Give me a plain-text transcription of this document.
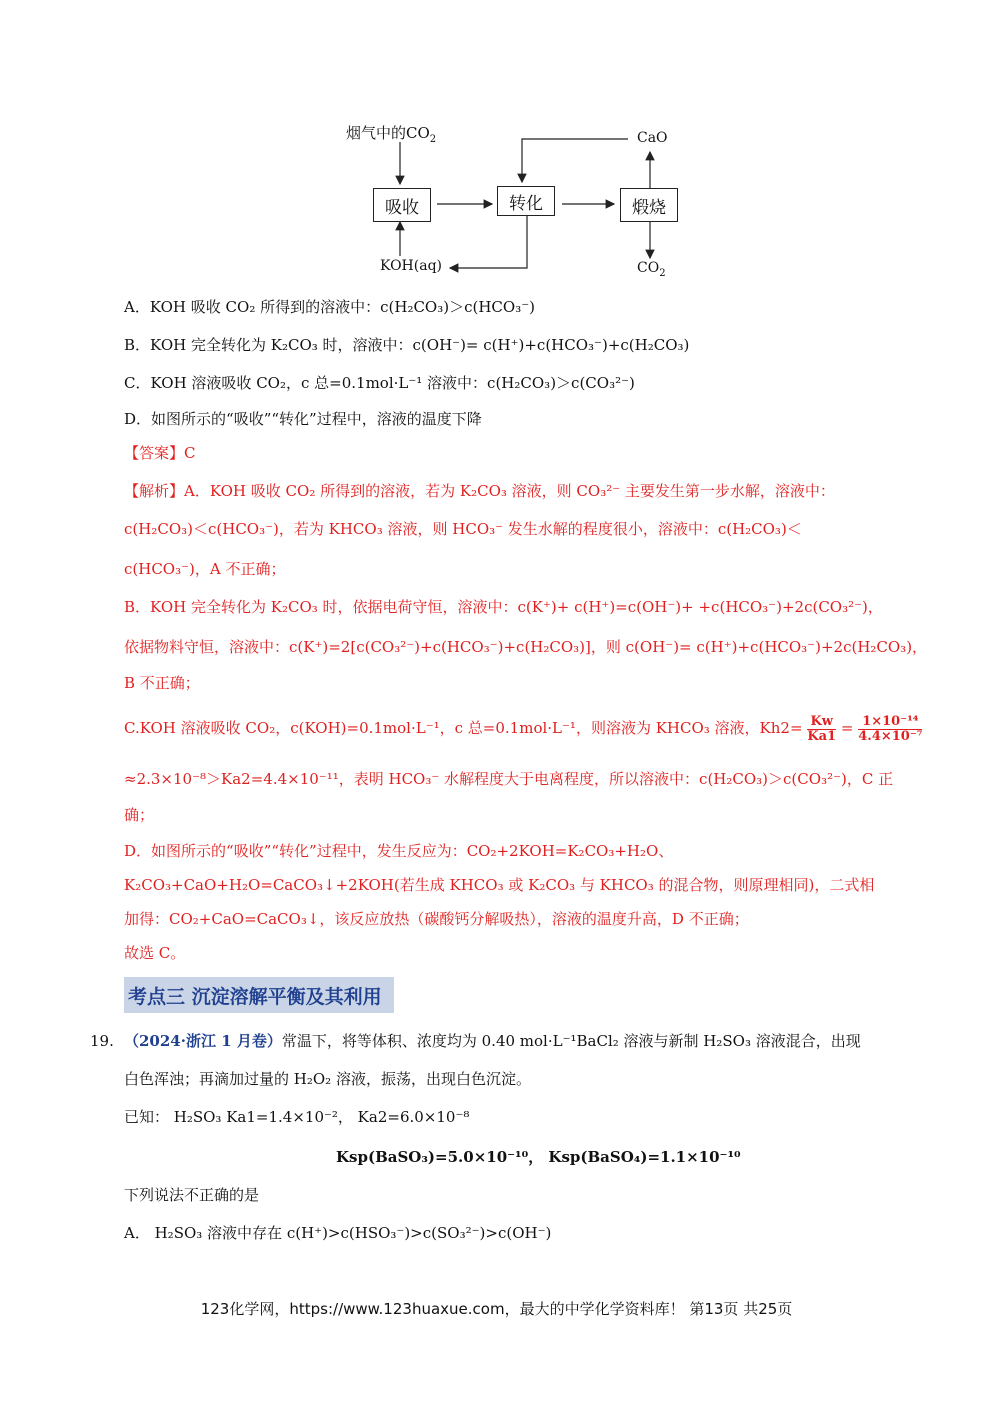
烟气中的$CO_2$
吸收	转化	煅烧
KOH(aq)
CaO
$CO_2$
A．KOH 吸收 CO₂ 所得到的溶液中：c(H₂CO₃)＞c(HCO₃⁻)
B．KOH 完全转化为 K₂CO₃ 时，溶液中：c(OH⁻)= c(H⁺)+c(HCO₃⁻)+c(H₂CO₃)
C．KOH 溶液吸收 CO₂，c 总=0.1mol·L⁻¹ 溶液中：c(H₂CO₃)＞c(CO₃²⁻)
D．如图所示的“吸收”“转化”过程中，溶液的温度下降
【答案】C
【解析】A．KOH 吸收 CO₂ 所得到的溶液，若为 K₂CO₃ 溶液，则 CO₃²⁻ 主要发生第一步水解，溶液中：
c(H₂CO₃)＜c(HCO₃⁻)，若为 KHCO₃ 溶液，则 HCO₃⁻ 发生水解的程度很小，溶液中：c(H₂CO₃)＜
c(HCO₃⁻)，A 不正确；
B．KOH 完全转化为 K₂CO₃ 时，依据电荷守恒，溶液中：c(K⁺)+ c(H⁺)=c(OH⁻)+ +c(HCO₃⁻)+2c(CO₃²⁻)，
依据物料守恒，溶液中：c(K⁺)=2[c(CO₃²⁻)+c(HCO₃⁻)+c(H₂CO₃)]，则 c(OH⁻)= c(H⁺)+c(HCO₃⁻)+2c(H₂CO₃)，
B 不正确；
C.KOH 溶液吸收 CO₂，c(KOH)=0.1mol·L⁻¹，c 总=0.1mol·L⁻¹，则溶液为 KHCO₃ 溶液，$Kh2= \frac{Kw}{Ka1} = \frac{\text{1×10⁻¹⁴}}{\text{4.4×10⁻⁷}}$
≈2.3×10⁻⁸＞Ka2=4.4×10⁻¹¹，表明 HCO₃⁻ 水解程度大于电离程度，所以溶液中：c(H₂CO₃)＞c(CO₃²⁻)，C 正
确；
D．如图所示的“吸收”“转化”过程中，发生反应为：CO₂+2KOH=K₂CO₃+H₂O、
K₂CO₃+CaO+H₂O=CaCO₃↓+2KOH(若生成 KHCO₃ 或 K₂CO₃ 与 KHCO₃ 的混合物，则原理相同)，二式相
加得：CO₂+CaO=CaCO₃↓，该反应放热（碳酸钙分解吸热），溶液的温度升高，D 不正确；
故选 C。
考点三 沉淀溶解平衡及其利用
19. （2024·浙江 1 月卷）常温下，将等体积、浓度均为 0.40 mol·L⁻¹BaCl₂ 溶液与新制 H₂SO₃ 溶液混合，出现
白色浑浊；再滴加过量的 H₂O₂ 溶液，振荡，出现白色沉淀。
已知： H₂SO₃ Ka1=1.4×10⁻²， Ka2=6.0×10⁻⁸
Ksp(BaSO₃)=5.0×10⁻¹⁰， Ksp(BaSO₄)=1.1×10⁻¹⁰
下列说法不正确的是
A． H₂SO₃ 溶液中存在 c(H⁺)>c(HSO₃⁻)>c(SO₃²⁻)>c(OH⁻)
123化学网，https://www.123huaxue.com，最大的中学化学资料库！ 第13页 共25页
